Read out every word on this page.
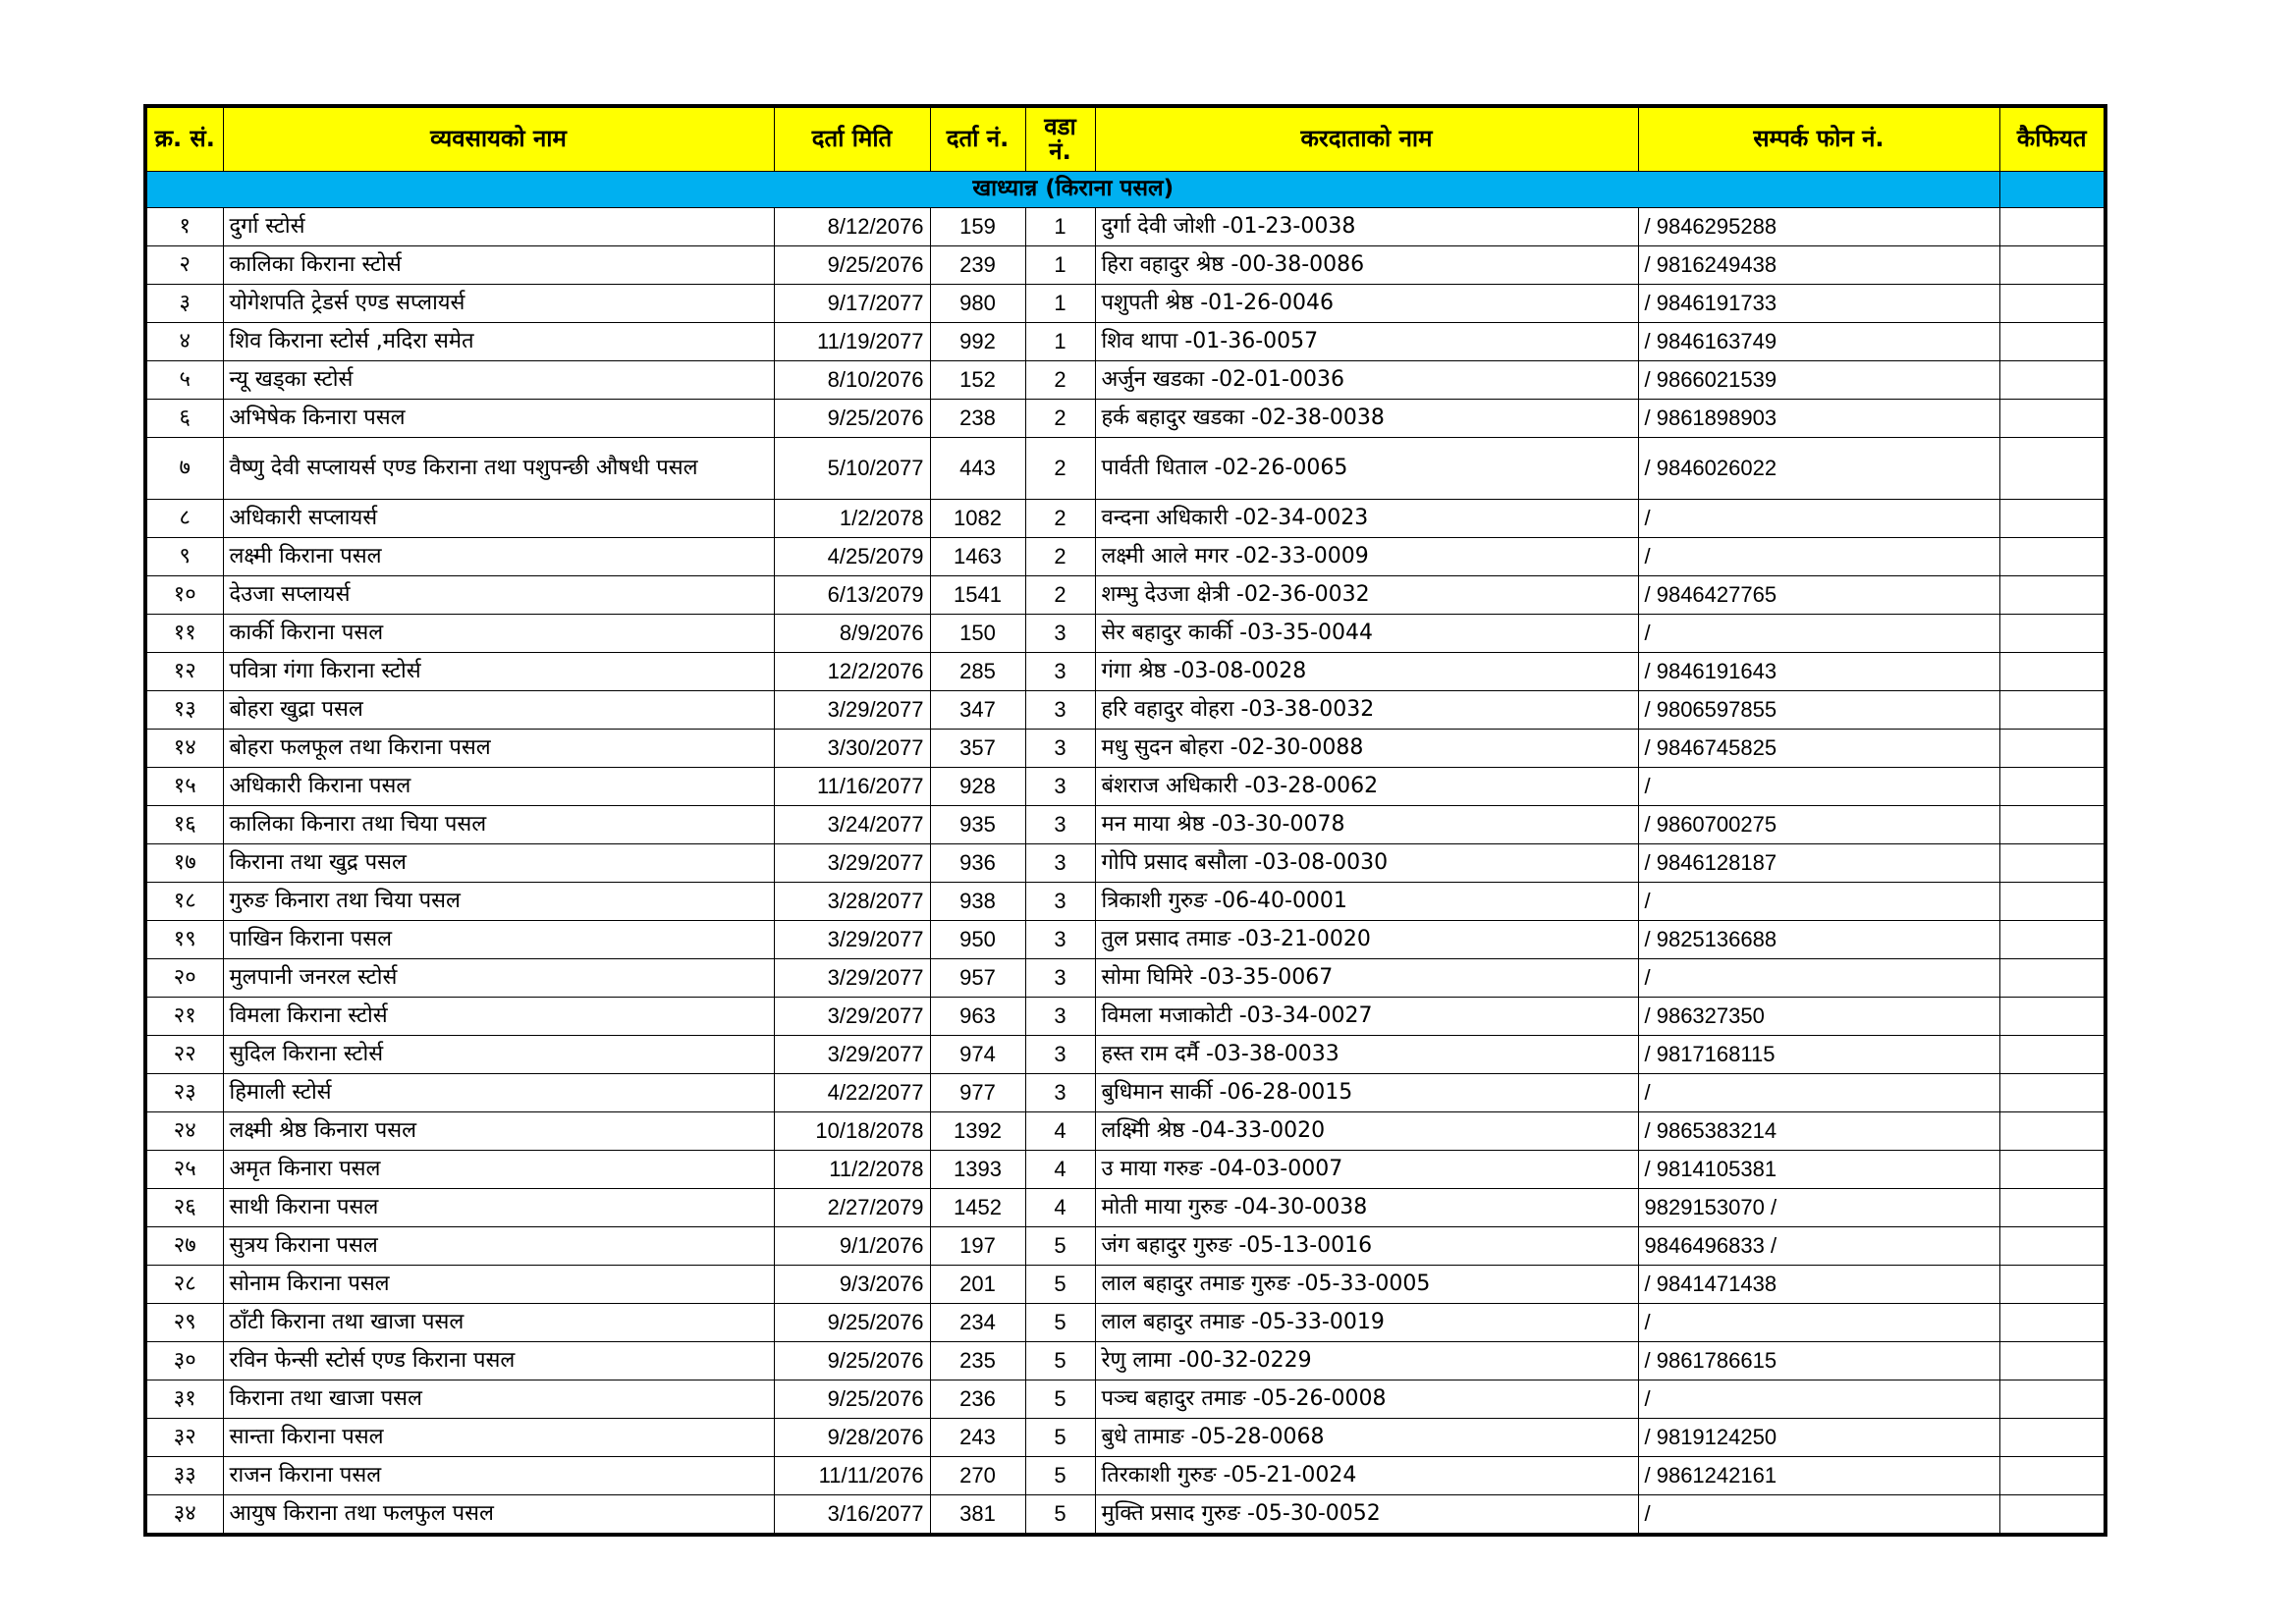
क्र. सं.	व्यवसायको नाम	दर्ता मिति	दर्ता नं.	वडा नं.	करदाताको नाम	सम्पर्क फोन नं.	कैफियत
खाध्यान्न (किराना पसल)							
१	दुर्गा स्टोर्स	8/12/2076	159	1	दुर्गा देवी जोशी -01-23-0038	/ 9846295288	
२	कालिका किराना स्टोर्स	9/25/2076	239	1	हिरा वहादुर श्रेष्ठ -00-38-0086	/ 9816249438	
३	योगेशपति ट्रेडर्स एण्ड सप्लायर्स	9/17/2077	980	1	पशुपती श्रेष्ठ -01-26-0046	/ 9846191733	
४	शिव किराना स्टोर्स ,मदिरा समेत	11/19/2077	992	1	शिव थापा -01-36-0057	/ 9846163749	
५	न्यू खड्का स्टोर्स	8/10/2076	152	2	अर्जुन खडका -02-01-0036	/ 9866021539	
६	अभिषेक किनारा पसल	9/25/2076	238	2	हर्क बहादुर खडका -02-38-0038	/ 9861898903	
७	वैष्णु देवी सप्लायर्स एण्ड किराना तथा पशुपन्छी औषधी पसल	5/10/2077	443	2	पार्वती धिताल -02-26-0065	/ 9846026022	
८	अधिकारी सप्लायर्स	1/2/2078	1082	2	वन्दना अधिकारी -02-34-0023	/	
९	लक्ष्मी किराना पसल	4/25/2079	1463	2	लक्ष्मी आले मगर -02-33-0009	/	
१०	देउजा सप्लायर्स	6/13/2079	1541	2	शम्भु देउजा क्षेत्री -02-36-0032	/ 9846427765	
११	कार्की किराना पसल	8/9/2076	150	3	सेर बहादुर कार्की -03-35-0044	/	
१२	पवित्रा गंगा किराना स्टोर्स	12/2/2076	285	3	गंगा श्रेष्ठ -03-08-0028	/ 9846191643	
१३	बोहरा खुद्रा पसल	3/29/2077	347	3	हरि वहादुर वोहरा -03-38-0032	/ 9806597855	
१४	बोहरा फलफूल तथा किराना पसल	3/30/2077	357	3	मधु सुदन बोहरा -02-30-0088	/ 9846745825	
१५	अधिकारी किराना पसल	11/16/2077	928	3	बंशराज अधिकारी -03-28-0062	/	
१६	कालिका किनारा तथा चिया पसल	3/24/2077	935	3	मन माया श्रेष्ठ -03-30-0078	/ 9860700275	
१७	किराना तथा खुद्र पसल	3/29/2077	936	3	गोपि प्रसाद बसौला -03-08-0030	/ 9846128187	
१८	गुरुङ किनारा तथा चिया पसल	3/28/2077	938	3	त्रिकाशी गुरुङ -06-40-0001	/	
१९	पाखिन किराना पसल	3/29/2077	950	3	तुल प्रसाद तमाङ -03-21-0020	/ 9825136688	
२०	मुलपानी जनरल स्टोर्स	3/29/2077	957	3	सोमा घिमिरे -03-35-0067	/	
२१	विमला किराना स्टोर्स	3/29/2077	963	3	विमला मजाकोटी -03-34-0027	/ 986327350	
२२	सुदिल किराना स्टोर्स	3/29/2077	974	3	हस्त राम दर्मै -03-38-0033	/ 9817168115	
२३	हिमाली स्टोर्स	4/22/2077	977	3	बुधिमान सार्की -06-28-0015	/	
२४	लक्ष्मी श्रेष्ठ किनारा पसल	10/18/2078	1392	4	लक्ष्मिी श्रेष्ठ -04-33-0020	/ 9865383214	
२५	अमृत किनारा पसल	11/2/2078	1393	4	उ माया गरुङ -04-03-0007	/ 9814105381	
२६	साथी किराना पसल	2/27/2079	1452	4	मोती माया गुरुङ -04-30-0038	9829153070 /	
२७	सुत्रय किराना पसल	9/1/2076	197	5	जंग बहादुर गुरुङ -05-13-0016	9846496833 /	
२८	सोनाम किराना पसल	9/3/2076	201	5	लाल बहादुर तमाङ गुरुङ -05-33-0005	/ 9841471438	
२९	ठाँटी किराना तथा खाजा पसल	9/25/2076	234	5	लाल बहादुर तमाङ -05-33-0019	/	
३०	रविन फेन्सी स्टोर्स एण्ड किराना पसल	9/25/2076	235	5	रेणु लामा -00-32-0229	/ 9861786615	
३१	किराना तथा खाजा पसल	9/25/2076	236	5	पञ्च बहादुर तमाङ -05-26-0008	/	
३२	सान्ता किराना पसल	9/28/2076	243	5	बुधे तामाङ -05-28-0068	/ 9819124250	
३३	राजन किराना पसल	11/11/2076	270	5	तिरकाशी गुरुङ -05-21-0024	/ 9861242161	
३४	आयुष किराना तथा फलफुल पसल	3/16/2077	381	5	मुक्ति प्रसाद गुरुङ -05-30-0052	/	
